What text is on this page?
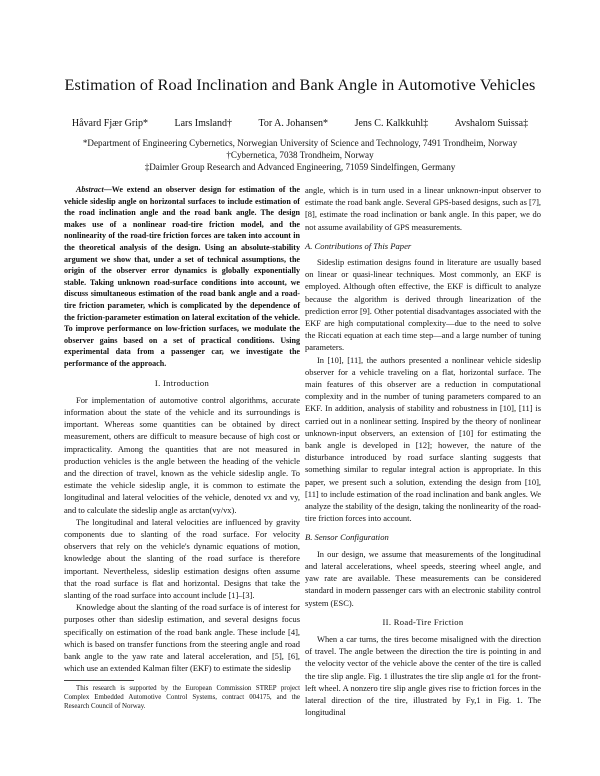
Estimation of Road Inclination and Bank Angle in Automotive Vehicles
Håvard Fjær Grip*	Lars Imsland†	Tor A. Johansen*	Jens C. Kalkkuhl‡	Avshalom Suissa‡
*Department of Engineering Cybernetics, Norwegian University of Science and Technology, 7491 Trondheim, Norway
†Cybernetica, 7038 Trondheim, Norway
‡Daimler Group Research and Advanced Engineering, 71059 Sindelfingen, Germany

Abstract—We extend an observer design for estimation of the vehicle sideslip angle on horizontal surfaces to include estimation of the road inclination angle and the road bank angle. The design makes use of a nonlinear road-tire friction model, and the nonlinearity of the road-tire friction forces are taken into account in the theoretical analysis of the design. Using an absolute-stability argument we show that, under a set of technical assumptions, the origin of the observer error dynamics is globally exponentially stable. Taking unknown road-surface conditions into account, we discuss simultaneous estimation of the road bank angle and a road-tire friction parameter, which is complicated by the dependence of the friction-parameter estimation on lateral excitation of the vehicle. To improve performance on low-friction surfaces, we modulate the observer gains based on a set of practical conditions. Using experimental data from a passenger car, we investigate the performance of the approach.

I. Introduction

For implementation of automotive control algorithms, accurate information about the state of the vehicle and its surroundings is important. Whereas some quantities can be obtained by direct measurement, others are difficult to measure because of high cost or impracticality. Among the quantities that are not measured in production vehicles is the angle between the heading of the vehicle and the direction of travel, known as the vehicle sideslip angle. To estimate the vehicle sideslip angle, it is common to estimate the longitudinal and lateral velocities of the vehicle, denoted vx and vy, and to calculate the sideslip angle as arctan(vy/vx).

The longitudinal and lateral velocities are influenced by gravity components due to slanting of the road surface. For velocity observers that rely on the vehicle's dynamic equations of motion, knowledge about the slanting of the road surface is therefore important. Nevertheless, sideslip estimation designs often assume that the road surface is flat and horizontal. Designs that take the slanting of the road surface into account include [1]–[3].

Knowledge about the slanting of the road surface is of interest for purposes other than sideslip estimation, and several designs focus specifically on estimation of the road bank angle. These include [4], which is based on transfer functions from the steering angle and road bank angle to the yaw rate and lateral acceleration, and [5], [6], which use an extended Kalman filter (EKF) to estimate the sideslip

This research is supported by the European Commission STREP project Complex Embedded Automotive Control Systems, contract 004175, and the Research Council of Norway.

angle, which is in turn used in a linear unknown-input observer to estimate the road bank angle. Several GPS-based designs, such as [7], [8], estimate the road inclination or bank angle. In this paper, we do not assume availability of GPS measurements.

A. Contributions of This Paper

Sideslip estimation designs found in literature are usually based on linear or quasi-linear techniques. Most commonly, an EKF is employed. Although often effective, the EKF is difficult to analyze because the algorithm is derived through linearization of the prediction error [9]. Other potential disadvantages associated with the EKF are high computational complexity—due to the need to solve the Riccati equation at each time step—and a large number of tuning parameters.

In [10], [11], the authors presented a nonlinear vehicle sideslip observer for a vehicle traveling on a flat, horizontal surface. The main features of this observer are a reduction in computational complexity and in the number of tuning parameters compared to an EKF. In addition, analysis of stability and robustness in [10], [11] is carried out in a nonlinear setting. Inspired by the theory of nonlinear unknown-input observers, an extension of [10] for estimating the bank angle is developed in [12]; however, the nature of the disturbance introduced by road surface slanting suggests that something similar to regular integral action is appropriate. In this paper, we present such a solution, extending the design from [10], [11] to include estimation of the road inclination and bank angles. We analyze the stability of the design, taking the nonlinearity of the road-tire friction forces into account.

B. Sensor Configuration

In our design, we assume that measurements of the longitudinal and lateral accelerations, wheel speeds, steering wheel angle, and yaw rate are available. These measurements can be considered standard in modern passenger cars with an electronic stability control system (ESC).

II. Road-Tire Friction

When a car turns, the tires become misaligned with the direction of travel. The angle between the direction the tire is pointing in and the velocity vector of the vehicle above the center of the tire is called the tire slip angle. Fig. 1 illustrates the tire slip angle α1 for the front-left wheel. A nonzero tire slip angle gives rise to friction forces in the lateral direction of the tire, illustrated by Fy,1 in Fig. 1. The longitudinal
